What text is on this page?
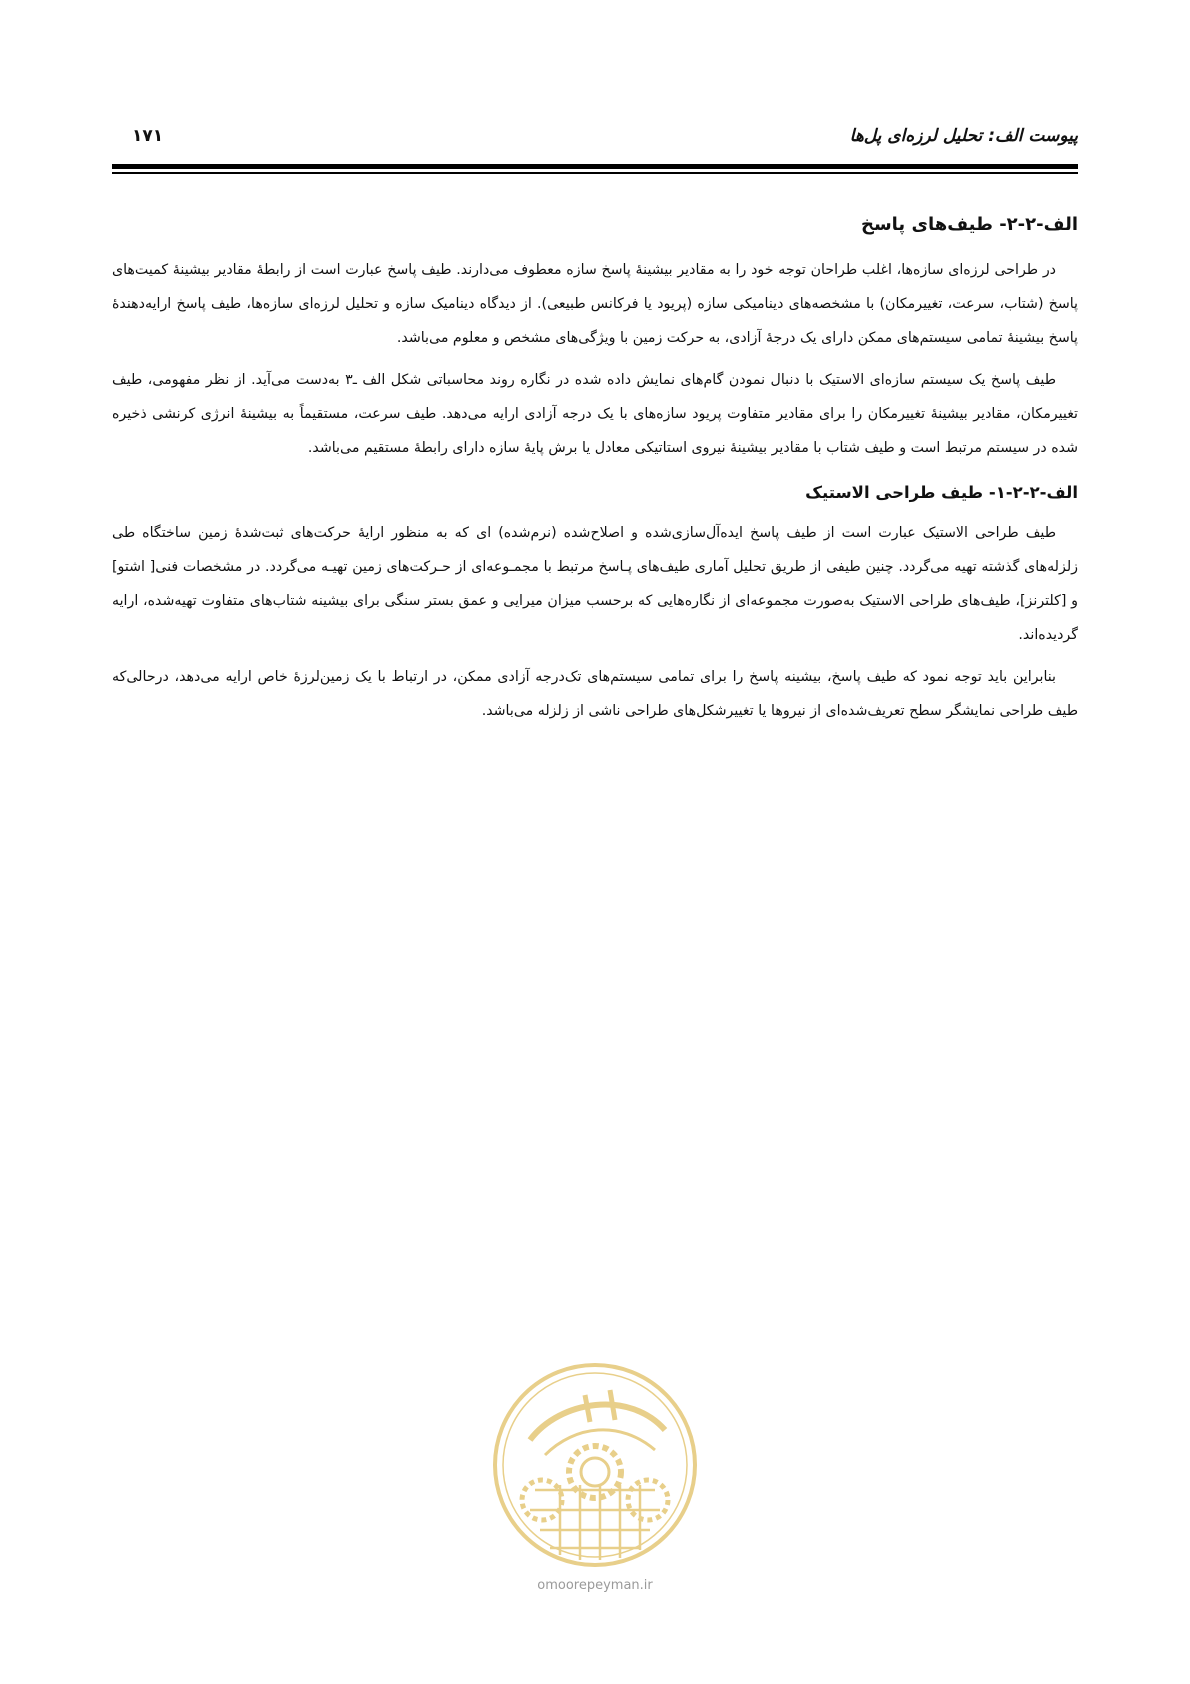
پیوست الف: تحلیل لرزه‌ای پل‌ها
۱۷۱
الف-۲-۲- طیف‌های پاسخ

در طراحی لرزه‌ای سازه‌ها، اغلب طراحان توجه خود را به مقادیر بیشینۀ پاسخ سازه معطوف می‌دارند. طیف پاسخ عبارت است از رابطۀ مقادیر بیشینۀ کمیت‌های پاسخ (شتاب، سرعت، تغییرمکان) با مشخصه‌های دینامیکی سازه (پریود یا فرکانس طبیعی). از دیدگاه دینامیک سازه و تحلیل لرزه‌ای سازه‌ها، طیف پاسخ ارایه‌دهندۀ پاسخ بیشینۀ تمامی سیستم‌های ممکن دارای یک درجۀ آزادی، به حرکت زمین با ویژگی‌های مشخص و معلوم می‌باشد.

طیف پاسخ یک سیستم سازه‌ای الاستیک با دنبال نمودن گام‌های نمایش داده شده در نگاره روند محاسباتی شکل الف ـ۳ به‌دست می‌آید. از نظر مفهومی، طیف تغییرمکان، مقادیر بیشینۀ تغییرمکان را برای مقادیر متفاوت پریود سازه‌های با یک درجه آزادی ارایه می‌دهد. طیف سرعت، مستقیماً به بیشینۀ انرژی کرنشی ذخیره شده در سیستم مرتبط است و طیف شتاب با مقادیر بیشینۀ نیروی استاتیکی معادل یا برش پایۀ سازه دارای رابطۀ مستقیم می‌باشد.

الف-۲-۲-۱- طیف طراحی الاستیک

طیف طراحی الاستیک عبارت است از طیف پاسخ ایده‌آل‌سازی‌شده و اصلاح‌شده (نرم‌شده) ای که به منظور ارایۀ حرکت‌های ثبت‌شدۀ زمین ساختگاه طی زلزله‌های گذشته تهیه می‌گردد. چنین طیفی از طریق تحلیل آماری طیف‌های پـاسخ مرتبط با مجمـوعه‌ای از حـرکت‌های زمین تهیـه می‌گردد. در مشخصات فنی[ اشتو] و [کلترنز]، طیف‌های طراحی الاستیک به‌صورت مجموعه‌ای از نگاره‌هایی که برحسب میزان میرایی و عمق بستر سنگی برای بیشینه شتاب‌های متفاوت تهیه‌شده، ارایه گردیده‌اند.

بنابراین باید توجه نمود که طیف پاسخ، بیشینه پاسخ را برای تمامی سیستم‌های تک‌درجه آزادی ممکن، در ارتباط با یک زمین‌لرزۀ خاص ارایه می‌دهد، درحالی‌که طیف طراحی نمایشگر سطح تعریف‌شده‌ای از نیروها یا تغییرشکل‌های طراحی ناشی از زلزله می‌باشد.

omoorepeyman.ir
